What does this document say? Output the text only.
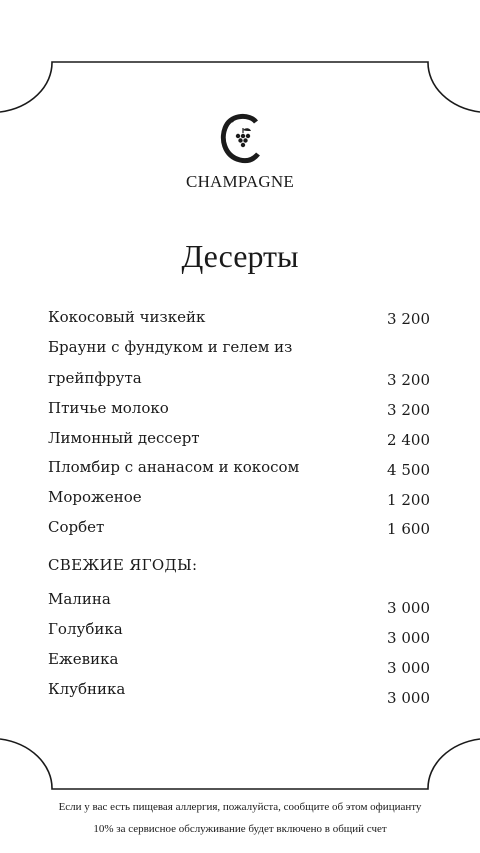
CHAMPAGNE
Десерты
Кокосовый чизкейк	3 200
Брауни с фундуком и гелем из
грейпфрута	3 200
Птичье молоко	3 200
Лимонный дессерт	2 400
Пломбир с ананасом и кокосом	4 500
Мороженое	1 200
Сорбет	1 600
СВЕЖИЕ ЯГОДЫ:
Малина	3 000
Голубика	3 000
Ежевика	3 000
Клубника	3 000
Если у вас есть пищевая аллергия, пожалуйста, сообщите об этом официанту
10% за сервисное обслуживание будет включено в общий счет
